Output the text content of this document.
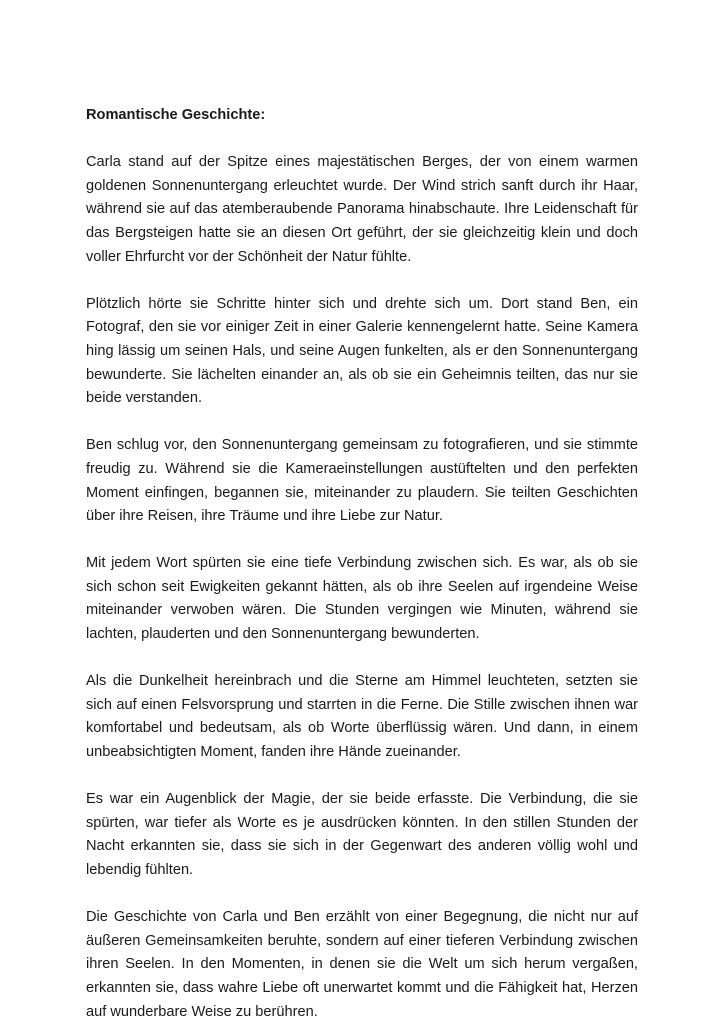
Romantische Geschichte:

Carla stand auf der Spitze eines majestätischen Berges, der von einem warmen goldenen Sonnenuntergang erleuchtet wurde. Der Wind strich sanft durch ihr Haar, während sie auf das atemberaubende Panorama hinabschaute. Ihre Leidenschaft für das Bergsteigen hatte sie an diesen Ort geführt, der sie gleichzeitig klein und doch voller Ehrfurcht vor der Schönheit der Natur fühlte.

Plötzlich hörte sie Schritte hinter sich und drehte sich um. Dort stand Ben, ein Fotograf, den sie vor einiger Zeit in einer Galerie kennengelernt hatte. Seine Kamera hing lässig um seinen Hals, und seine Augen funkelten, als er den Sonnenuntergang bewunderte. Sie lächelten einander an, als ob sie ein Geheimnis teilten, das nur sie beide verstanden.

Ben schlug vor, den Sonnenuntergang gemeinsam zu fotografieren, und sie stimmte freudig zu. Während sie die Kameraeinstellungen austüftelten und den perfekten Moment einfingen, begannen sie, miteinander zu plaudern. Sie teilten Geschichten über ihre Reisen, ihre Träume und ihre Liebe zur Natur.

Mit jedem Wort spürten sie eine tiefe Verbindung zwischen sich. Es war, als ob sie sich schon seit Ewigkeiten gekannt hätten, als ob ihre Seelen auf irgendeine Weise miteinander verwoben wären. Die Stunden vergingen wie Minuten, während sie lachten, plauderten und den Sonnenuntergang bewunderten.

Als die Dunkelheit hereinbrach und die Sterne am Himmel leuchteten, setzten sie sich auf einen Felsvorsprung und starrten in die Ferne. Die Stille zwischen ihnen war komfortabel und bedeutsam, als ob Worte überflüssig wären. Und dann, in einem unbeabsichtigten Moment, fanden ihre Hände zueinander.

Es war ein Augenblick der Magie, der sie beide erfasste. Die Verbindung, die sie spürten, war tiefer als Worte es je ausdrücken könnten. In den stillen Stunden der Nacht erkannten sie, dass sie sich in der Gegenwart des anderen völlig wohl und lebendig fühlten.

Die Geschichte von Carla und Ben erzählt von einer Begegnung, die nicht nur auf äußeren Gemeinsamkeiten beruhte, sondern auf einer tieferen Verbindung zwischen ihren Seelen. In den Momenten, in denen sie die Welt um sich herum vergaßen, erkannten sie, dass wahre Liebe oft unerwartet kommt und die Fähigkeit hat, Herzen auf wunderbare Weise zu berühren.
